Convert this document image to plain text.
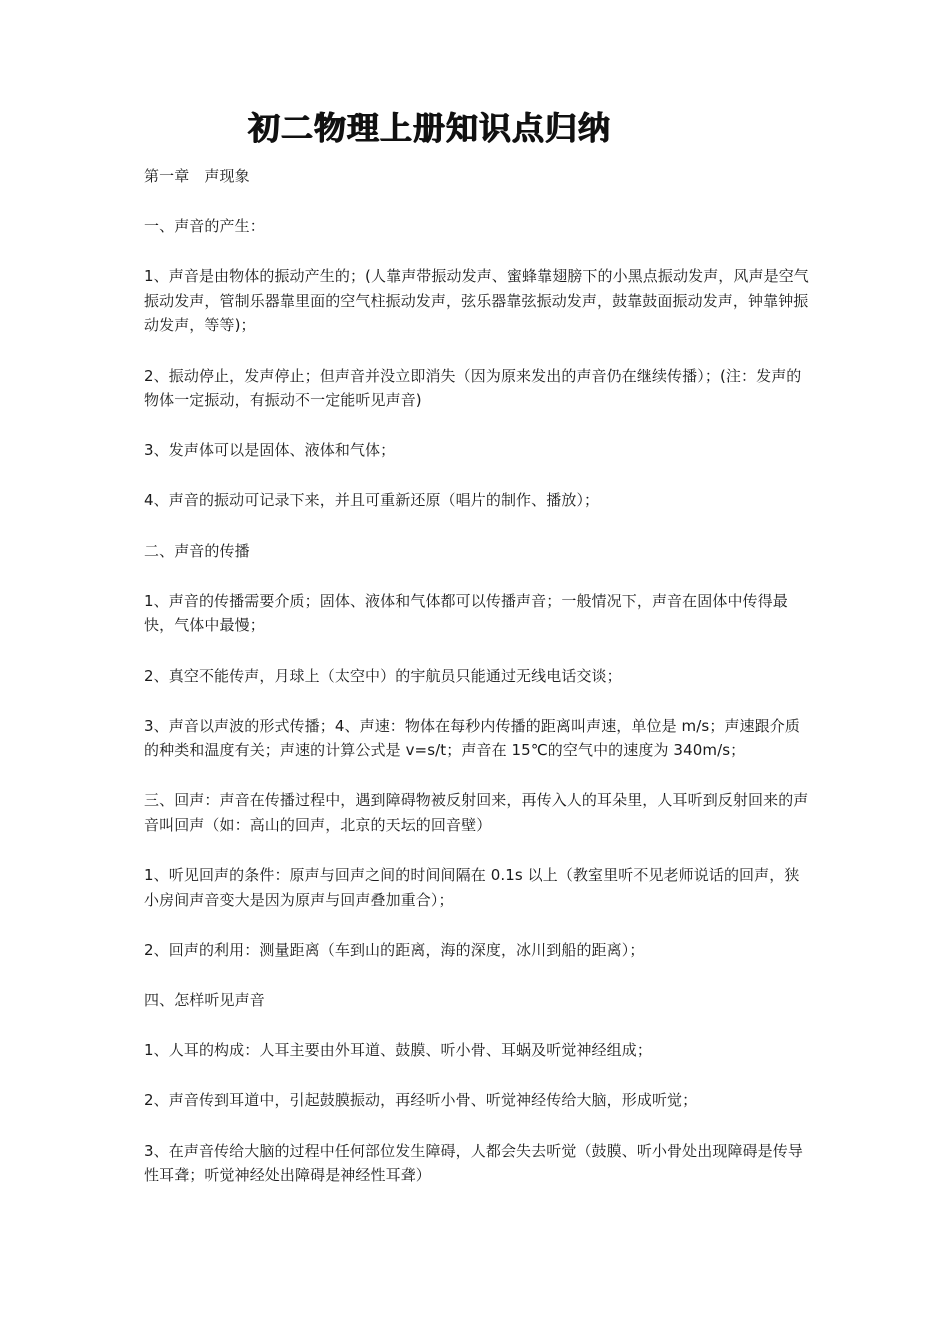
初二物理上册知识点归纳

第一章　声现象

一、声音的产生：

1、声音是由物体的振动产生的；(人靠声带振动发声、蜜蜂靠翅膀下的小黑点振动发声，风声是空气振动发声，管制乐器靠里面的空气柱振动发声，弦乐器靠弦振动发声，鼓靠鼓面振动发声，钟靠钟振动发声，等等)；

2、振动停止，发声停止；但声音并没立即消失（因为原来发出的声音仍在继续传播）；(注：发声的物体一定振动，有振动不一定能听见声音)

3、发声体可以是固体、液体和气体；

4、声音的振动可记录下来，并且可重新还原（唱片的制作、播放）；

二、声音的传播

1、声音的传播需要介质；固体、液体和气体都可以传播声音；一般情况下，声音在固体中传得最快，气体中最慢；

2、真空不能传声，月球上（太空中）的宇航员只能通过无线电话交谈；

3、声音以声波的形式传播；4、声速：物体在每秒内传播的距离叫声速，单位是 m/s；声速跟介质的种类和温度有关；声速的计算公式是 v=s/t；声音在 15℃的空气中的速度为 340m/s；

三、回声：声音在传播过程中，遇到障碍物被反射回来，再传入人的耳朵里，人耳听到反射回来的声音叫回声（如：高山的回声，北京的天坛的回音壁）

1、听见回声的条件：原声与回声之间的时间间隔在 0.1s 以上（教室里听不见老师说话的回声，狭小房间声音变大是因为原声与回声叠加重合）；

2、回声的利用：测量距离（车到山的距离，海的深度，冰川到船的距离）；

四、怎样听见声音

1、人耳的构成：人耳主要由外耳道、鼓膜、听小骨、耳蜗及听觉神经组成；

2、声音传到耳道中，引起鼓膜振动，再经听小骨、听觉神经传给大脑，形成听觉；

3、在声音传给大脑的过程中任何部位发生障碍，人都会失去听觉（鼓膜、听小骨处出现障碍是传导性耳聋；听觉神经处出障碍是神经性耳聋）
